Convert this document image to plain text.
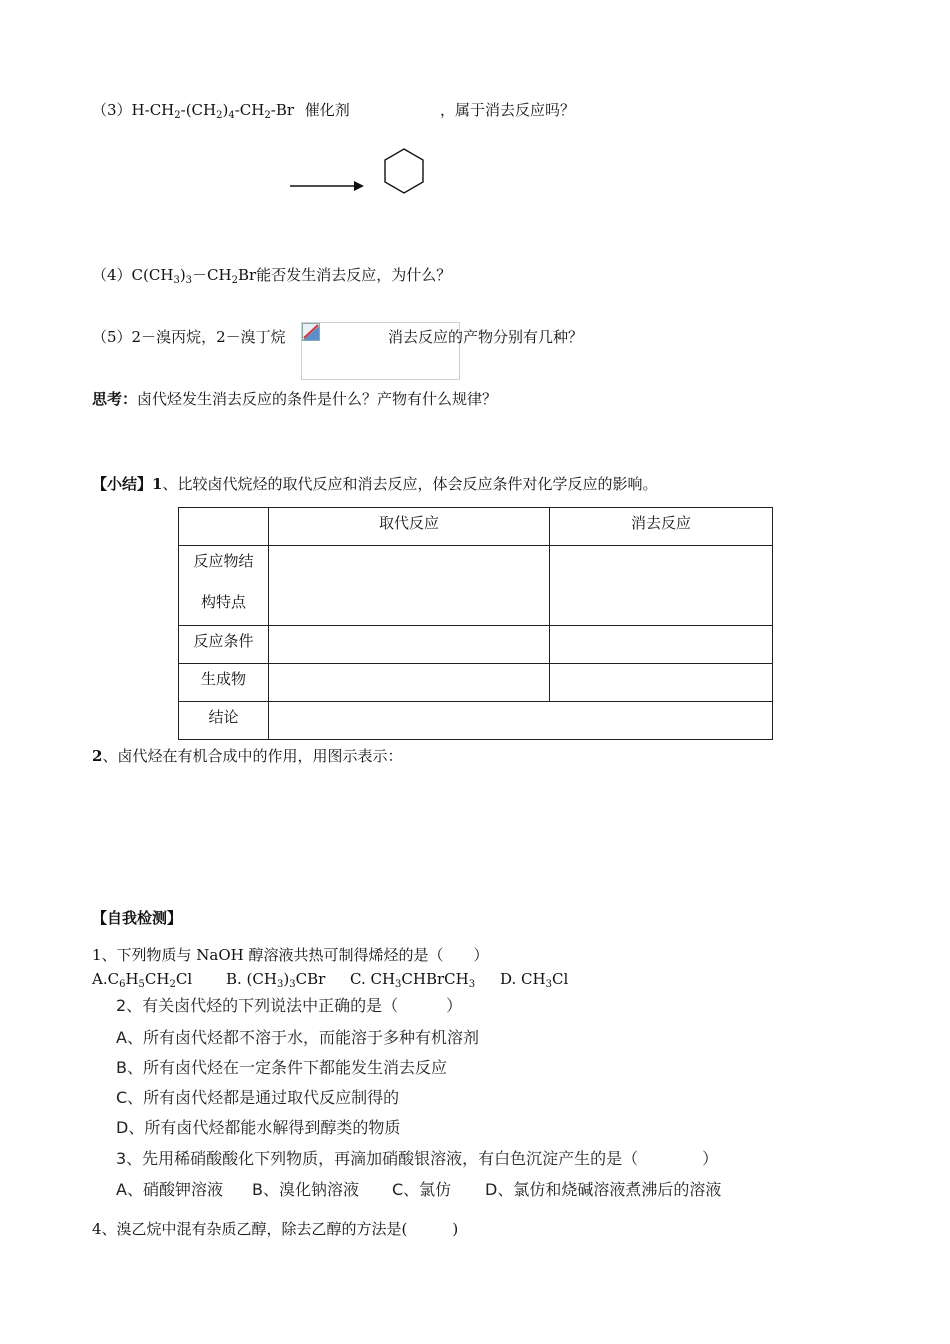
$(3)H-CH_2-(CH_2)_4-CH_2-Br$ 催化剂	，属于消去反应吗？
$(4)C(CH_3)_3-CH_2Br$能否发生消去反应，为什么？
（5）2－溴丙烷，2－溴丁烷	消去反应的产物分别有几种？
思考：卤代烃发生消去反应的条件是什么？产物有什么规律？
【小结】1、比较卤代烷烃的取代反应和消去反应，体会反应条件对化学反应的影响。
	取代反应	消去反应

反应物结
构特点		

反应条件		
生成物		
结论		
2、卤代烃在有机合成中的作用，用图示表示：
【自我检测】
1、下列物质与 NaOH 醇溶液共热可制得烯烃的是（　　）
$A.C_6H_5CH_2Cl$ B. $(CH_3)_3CBr$ C. $CH_3CHBrCH_3$ D. $CH_3Cl$
2、有关卤代烃的下列说法中正确的是（　　　）
A、所有卤代烃都不溶于水，而能溶于多种有机溶剂
B、所有卤代烃在一定条件下都能发生消去反应
C、所有卤代烃都是通过取代反应制得的
D、所有卤代烃都能水解得到醇类的物质
3、先用稀硝酸酸化下列物质，再滴加硝酸银溶液，有白色沉淀产生的是（　　　　）
A、硝酸钾溶液 B、溴化钠溶液 C、氯仿 D、氯仿和烧碱溶液煮沸后的溶液
4、溴乙烷中混有杂质乙醇，除去乙醇的方法是(　　　)
